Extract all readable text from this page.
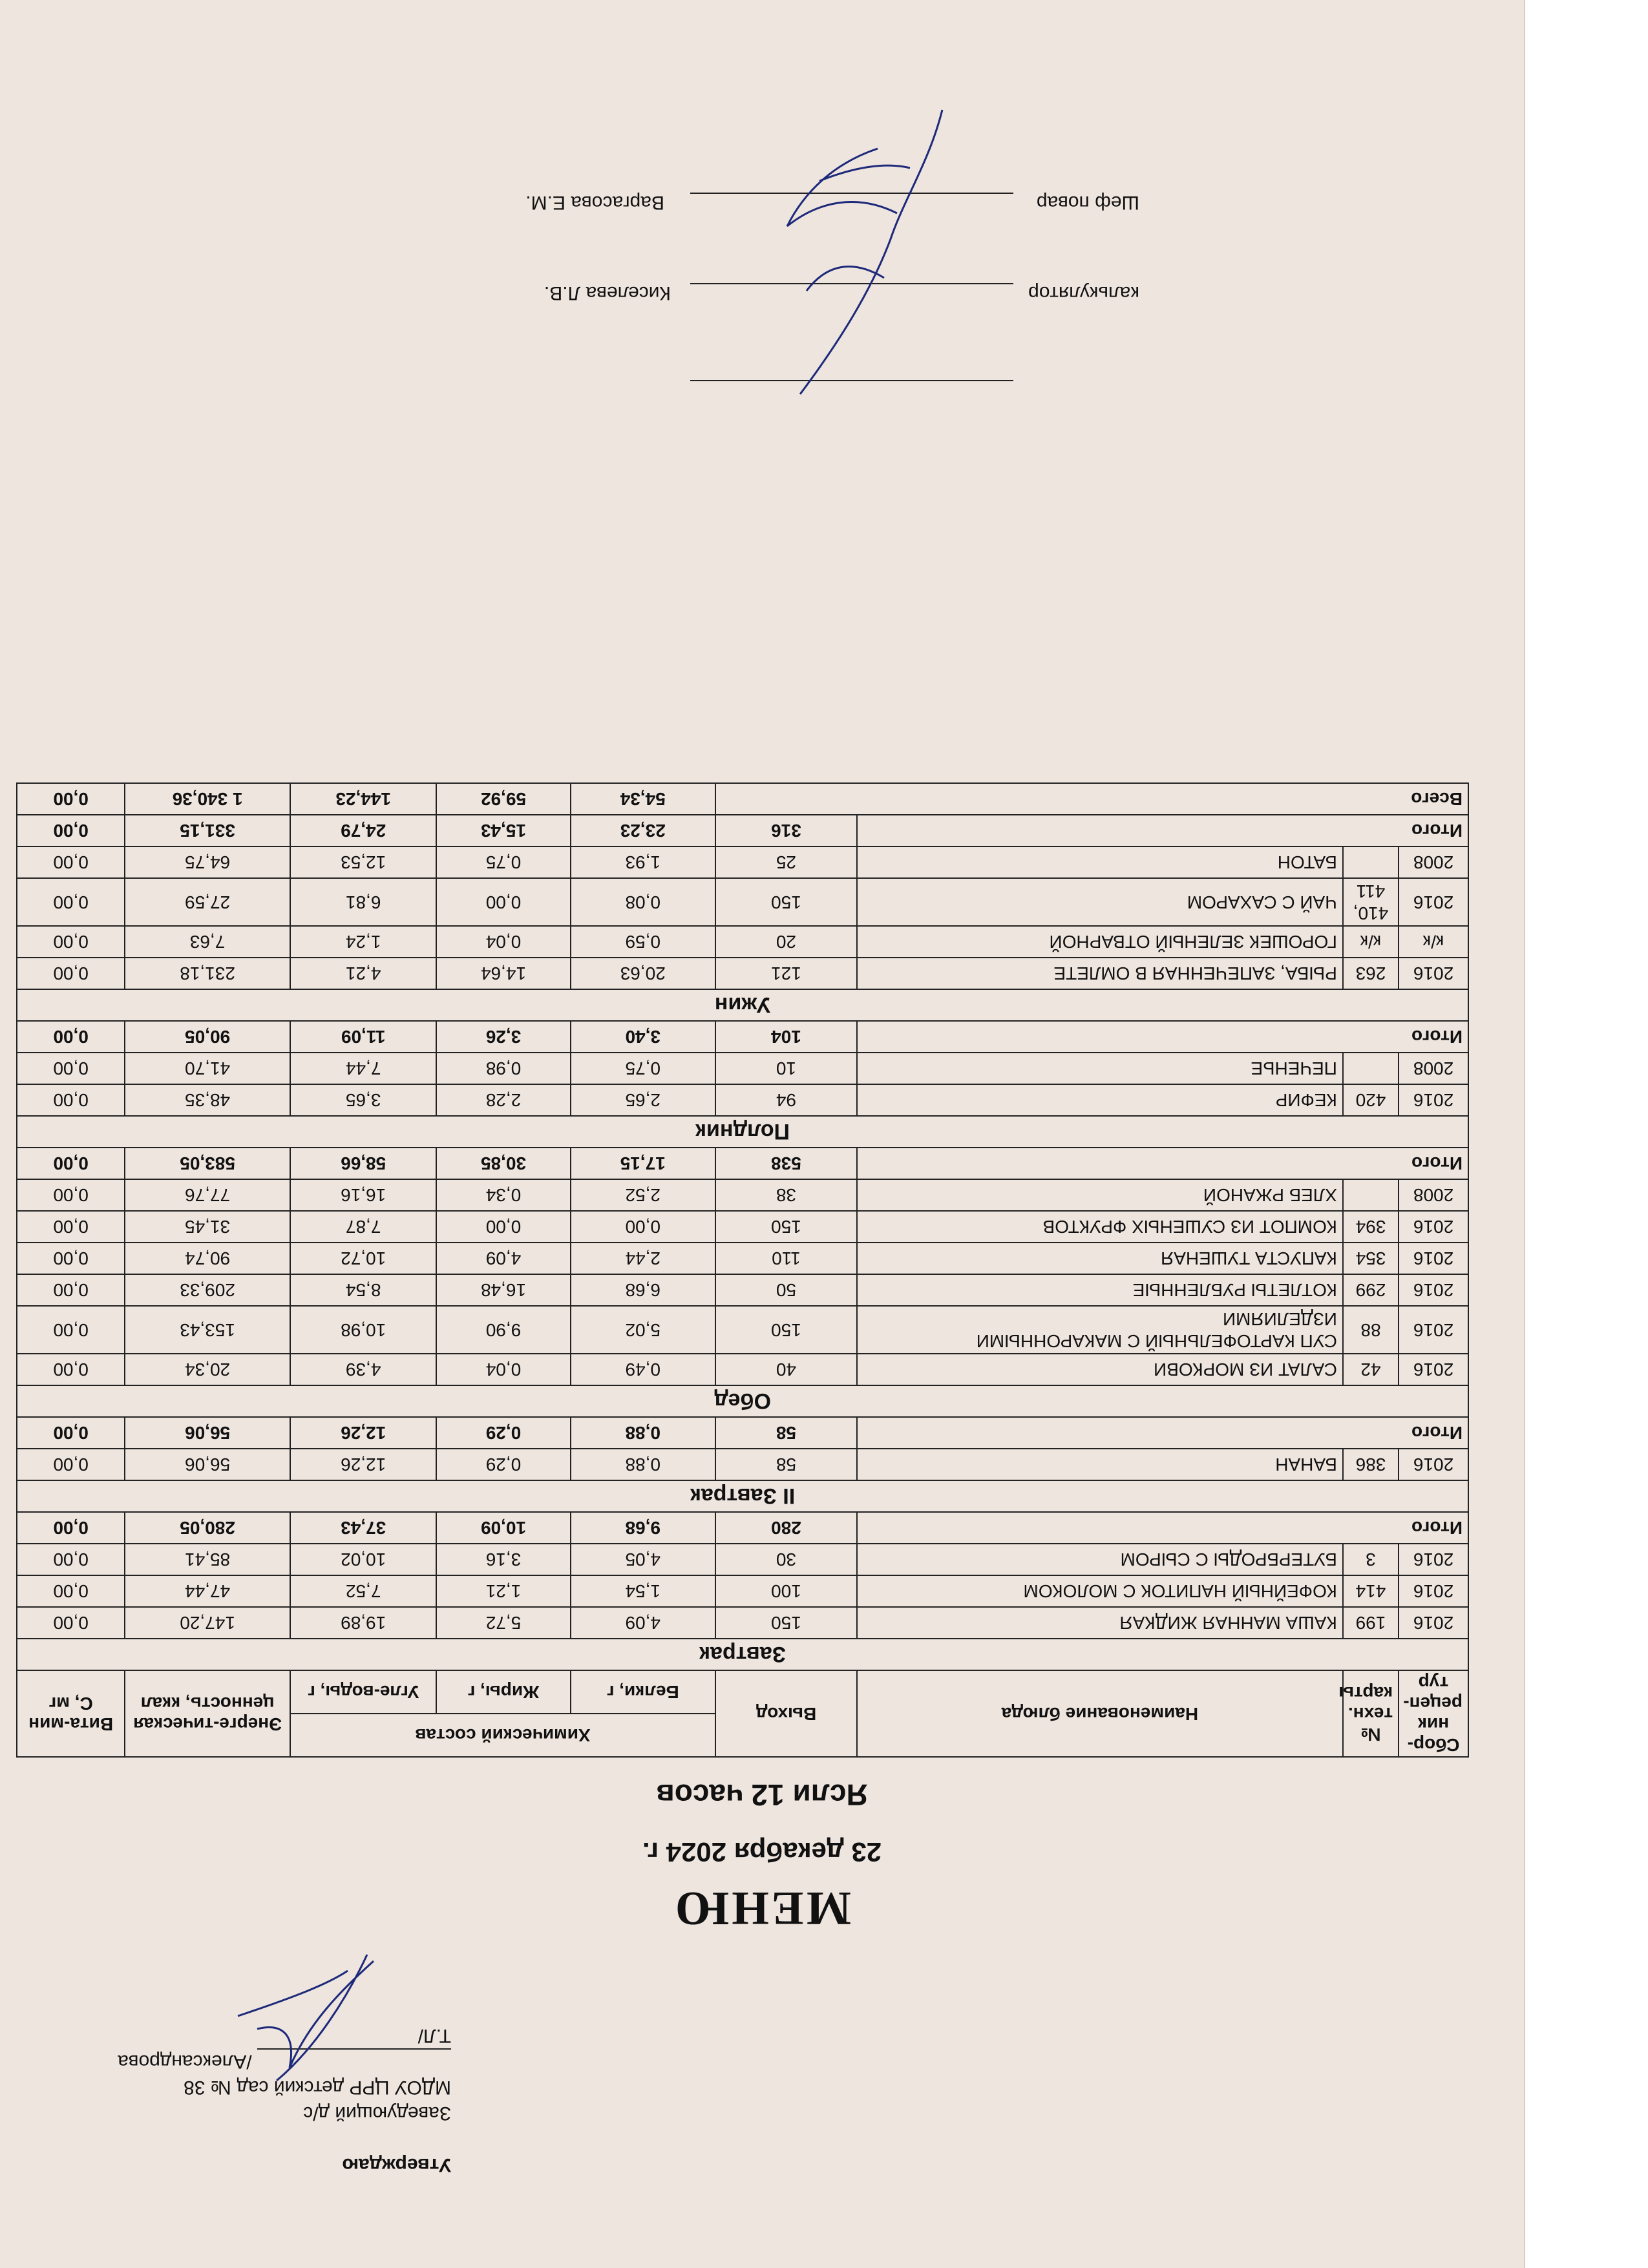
Утверждаю
Заведующий д/с
МДОУ ЦРР детский сад № 38
/Александрова Т.Л/
МЕНЮ
23 декабря 2024 г.
Ясли 12 часов
Сбор-ник рецеп-тур	№ техн. карты	Наименование блюда	Выход	Химический состав			Энерге-тическая ценность, ккал	Вита-мин С, мг
				Белки, г	Жиры, г	Угле-воды, г		
Завтрак								
2016	199	КАША МАННАЯ ЖИДКАЯ	150	4,09	5,72	19,89	147,20	0,00
2016	414	КОФЕЙНЫЙ НАПИТОК С МОЛОКОМ	100	1,54	1,21	7,52	47,44	0,00
2016	3	БУТЕРБРОДЫ С СЫРОМ	30	4,05	3,16	10,02	85,41	0,00
Итого			280	9,68	10,09	37,43	280,05	0,00
II Завтрак								
2016	386	БАНАН	58	0,88	0,29	12,26	56,06	0,00
Итого			58	0,88	0,29	12,26	56,06	0,00
Обед								
2016	42	САЛАТ ИЗ МОРКОВИ	40	0,49	0,04	4,39	20,34	0,00
2016	88	СУП КАРТОФЕЛЬНЫЙ С МАКАРОННЫМИ ИЗДЕЛИЯМИ	150	5,02	9,90	10,98	153,43	0,00
2016	299	КОТЛЕТЫ РУБЛЕННЫЕ	50	6,68	16,48	8,54	209,33	0,00
2016	354	КАПУСТА ТУШЕНАЯ	110	2,44	4,09	10,72	90,74	0,00
2016	394	КОМПОТ ИЗ СУШЕНЫХ ФРУКТОВ	150	0,00	0,00	7,87	31,45	0,00
2008		ХЛЕБ РЖАНОЙ	38	2,52	0,34	16,16	77,76	0,00
Итого			538	17,15	30,85	58,66	583,05	0,00
Полдник								
2016	420	КЕФИР	94	2,65	2,28	3,65	48,35	0,00
2008		ПЕЧЕНЬЕ	10	0,75	0,98	7,44	41,70	0,00
Итого			104	3,40	3,26	11,09	90,05	0,00
Ужин								
2016	263	РЫБА, ЗАПЕЧЕННАЯ В ОМЛЕТЕ	121	20,63	14,64	4,21	231,18	0,00
к/к	к/к	ГОРОШЕК ЗЕЛЕНЫЙ ОТВАРНОЙ	20	0,59	0,04	1,24	7,63	0,00
2016	410, 411	ЧАЙ С САХАРОМ	150	0,08	0,00	6,81	27,59	0,00
2008		БАТОН	25	1,93	0,75	12,53	64,75	0,00
Итого			316	23,23	15,43	24,79	331,15	0,00
Всего				54,34	59,92	144,23	1 340,36	0,00
калькулятор
Киселева Л.В.
Шеф повар
Варгасова Е.М.
